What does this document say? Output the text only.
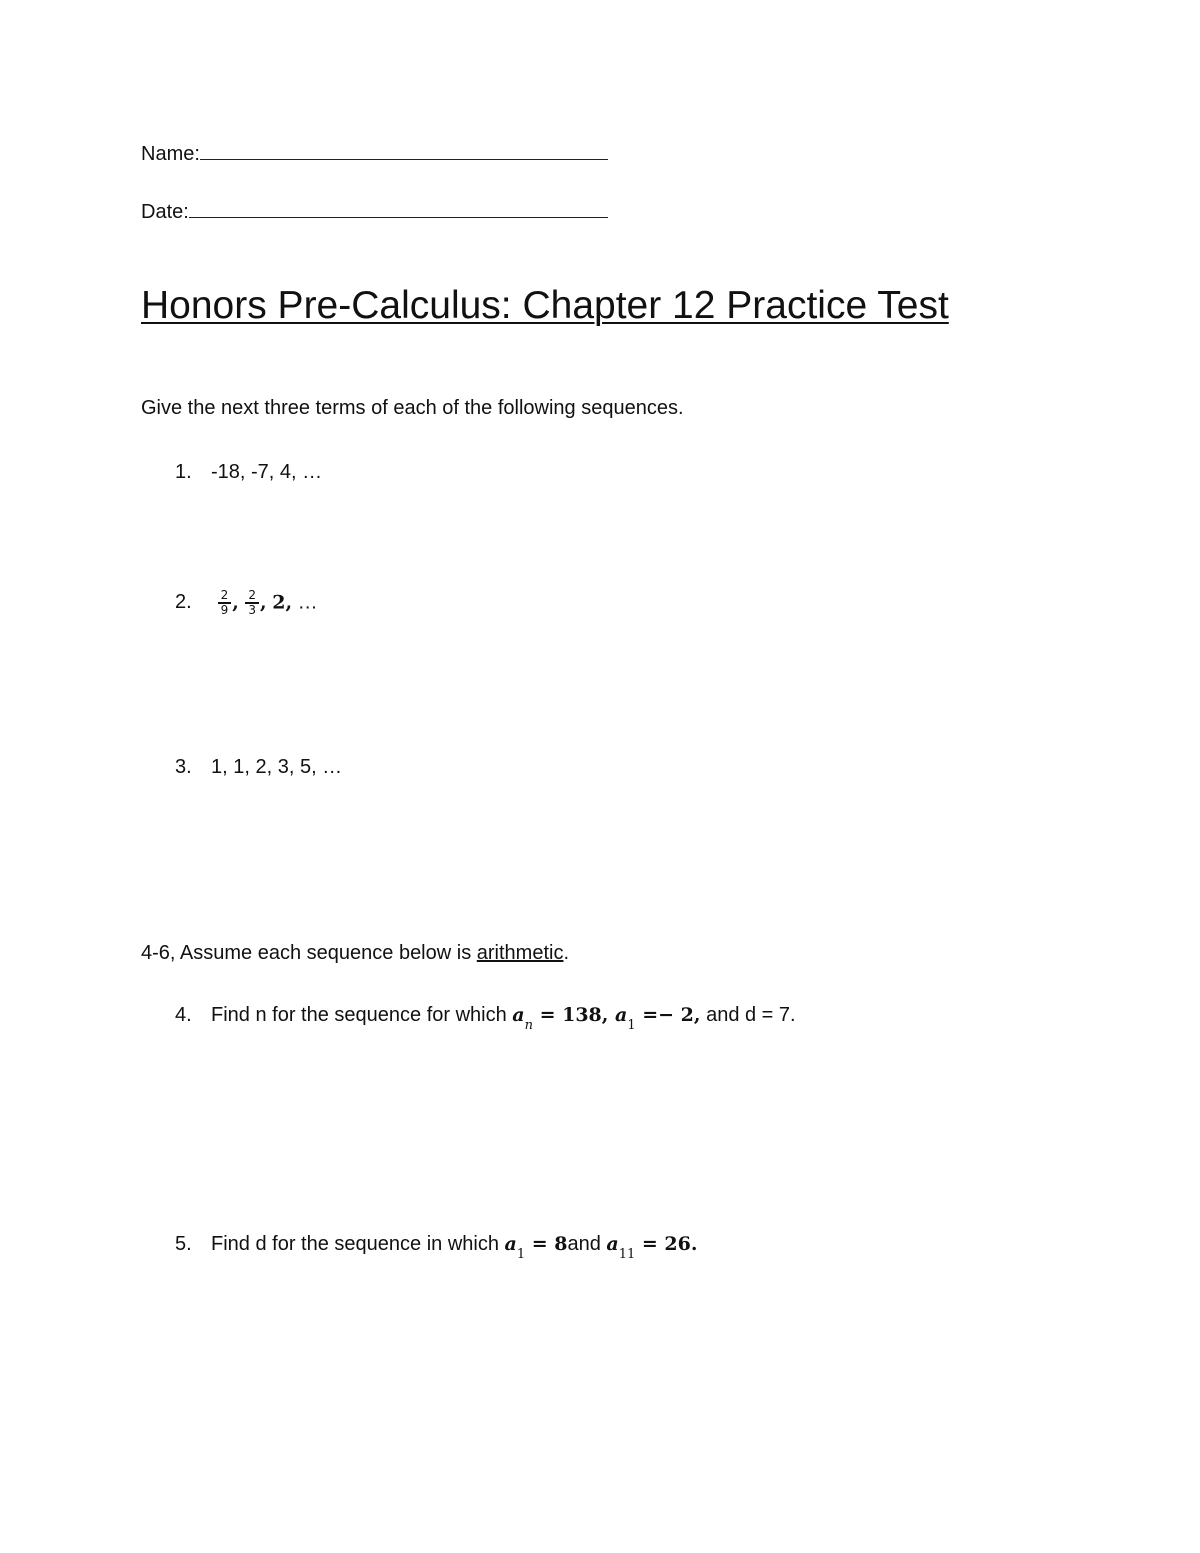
Name:
Date:
Honors Pre-Calculus: Chapter 12 Practice Test
Give the next three terms of each of the following sequences.
1. -18, -7, 4, …
2. $\frac{2}{9}$ , $\frac{2}{3}$ , 2, …
3. 1, 1, 2, 3, 5, …
4-6, Assume each sequence below is arithmetic.
4. Find n for the sequence for which $a_n = 138$, $a_1 =- 2$, and d = 7.
5. Find d for the sequence in which $a_1 = 8and$ $a_{11} = 26$.
